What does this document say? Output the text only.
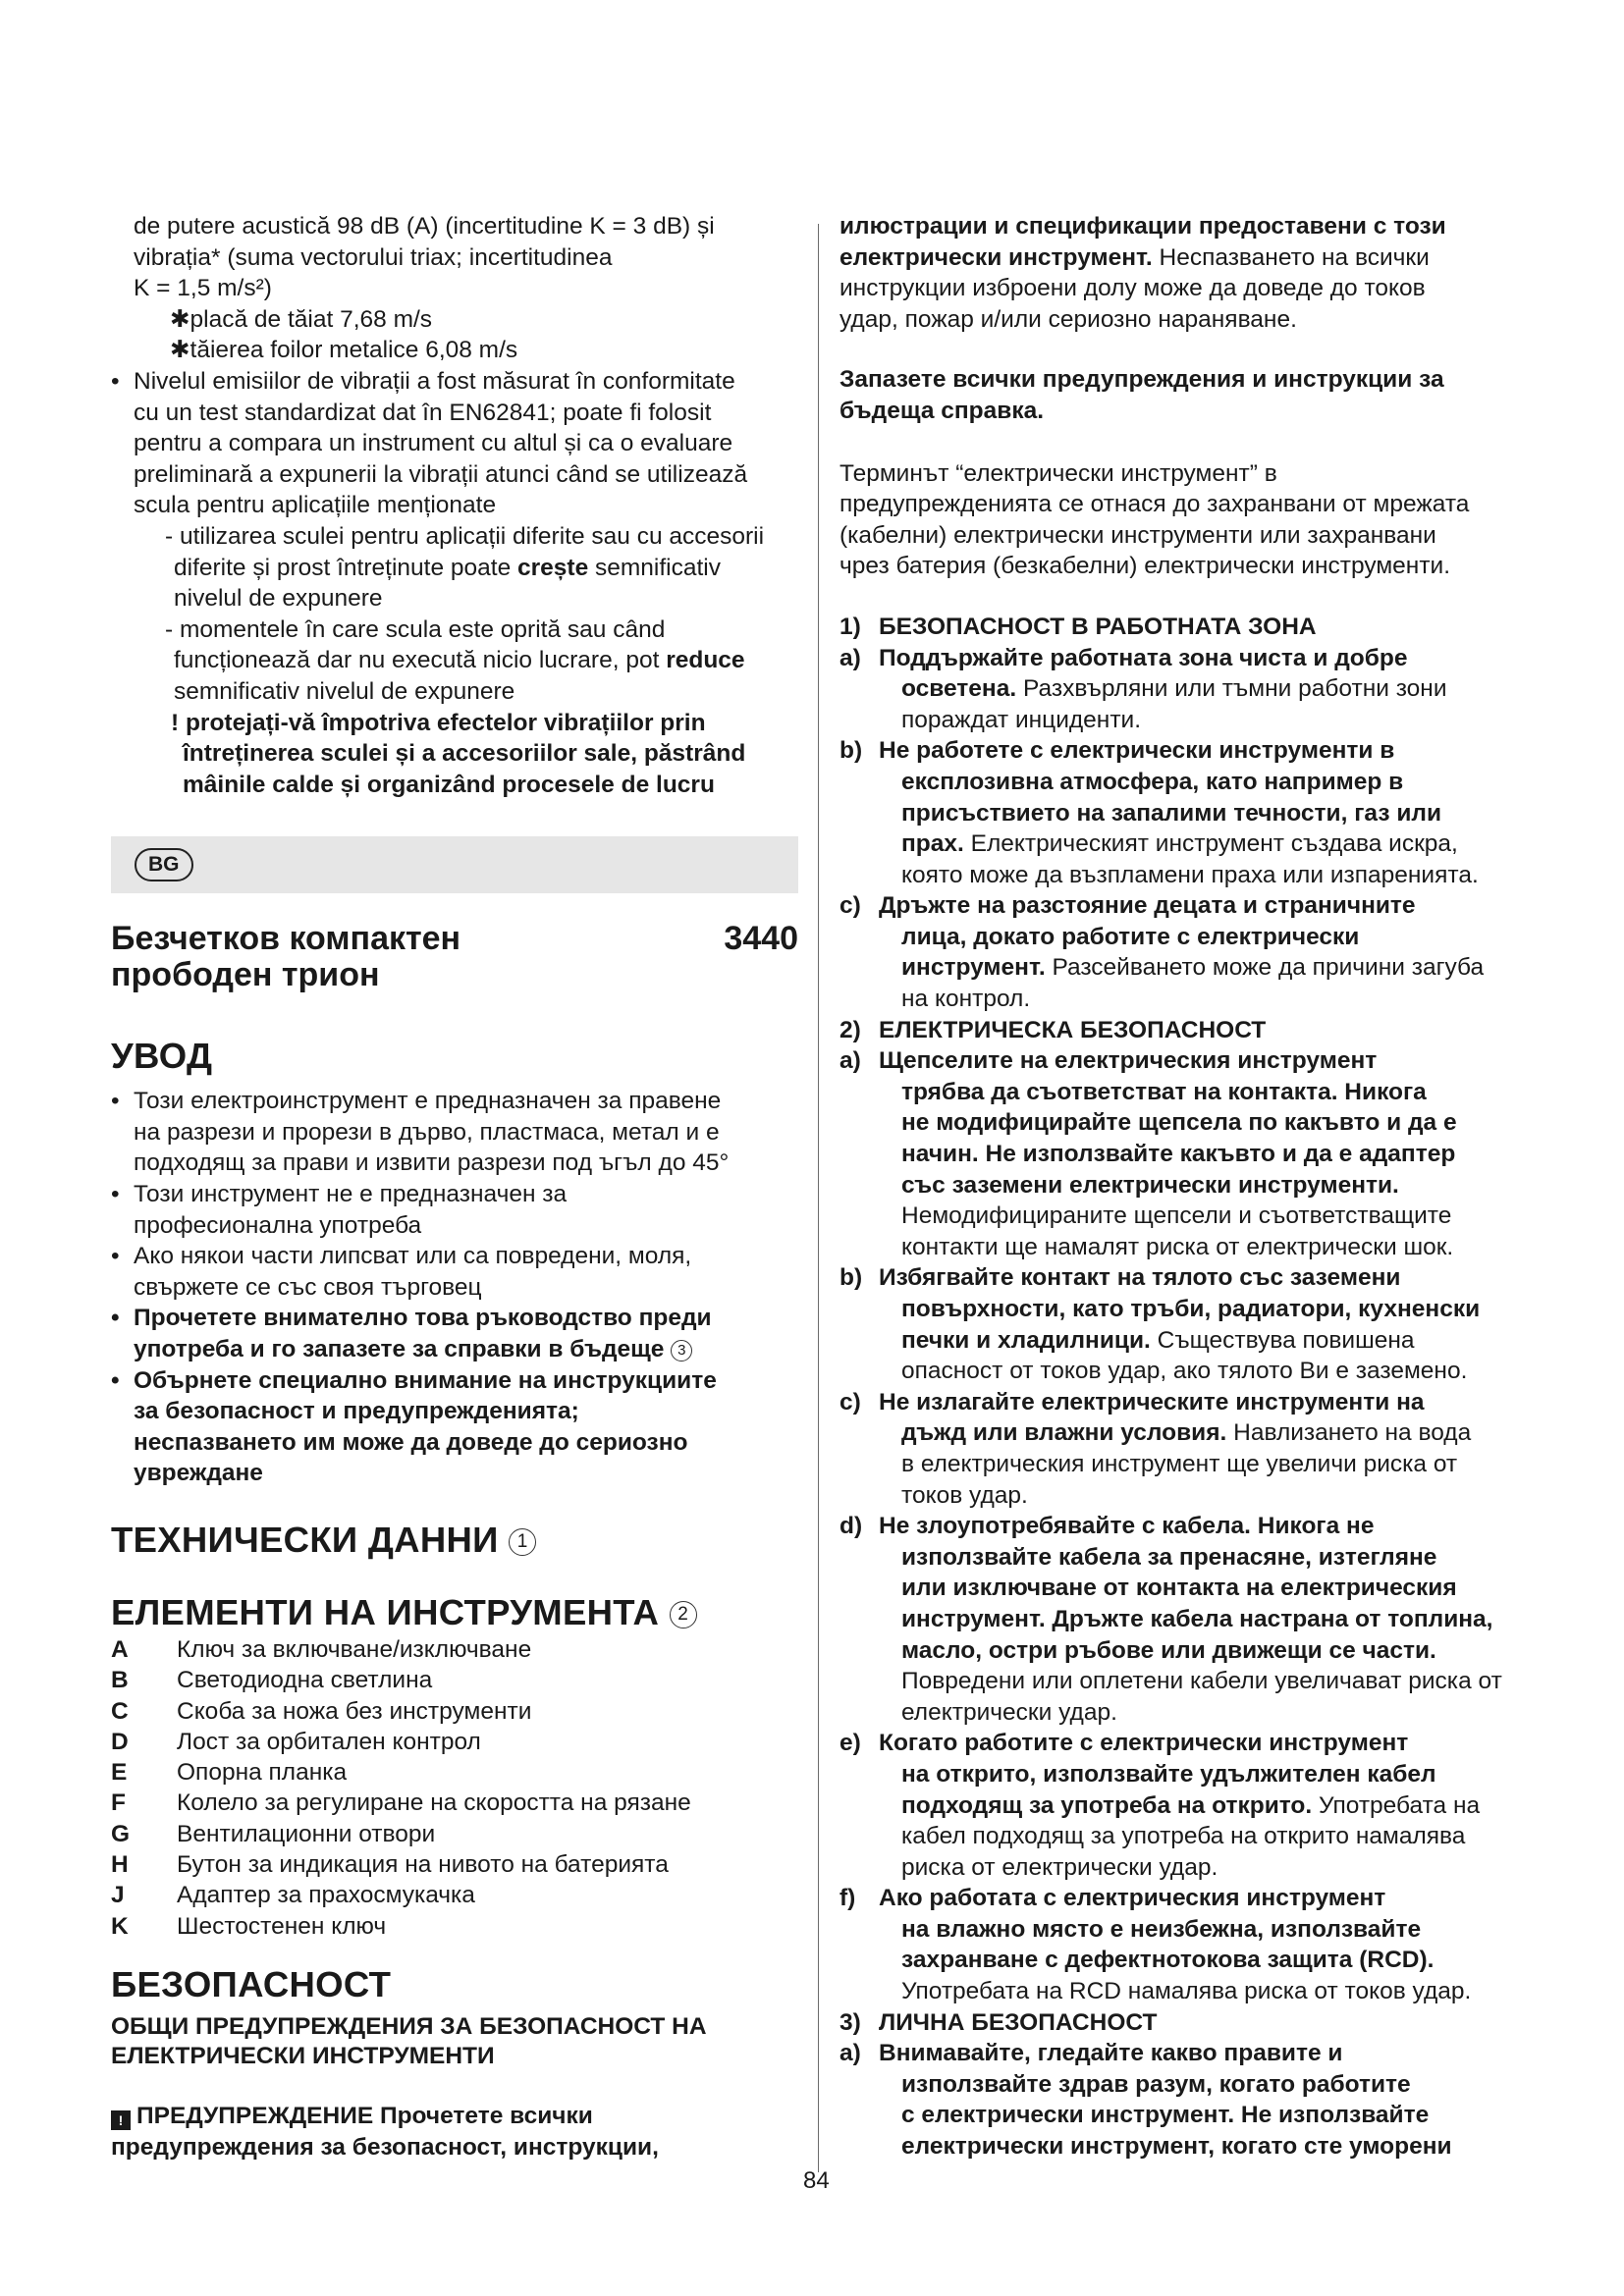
de putere acustică 98 dB (A) (incertitudine K = 3 dB) și

vibrația* (suma vectorului triax; incertitudinea

K = 1,5 m/s²)

✱placă de tăiat 7,68 m/s

✱tăierea foilor metalice 6,08 m/s

• Nivelul emisiilor de vibrații a fost măsurat în conformitate
cu un test standardizat dat în EN62841; poate fi folosit
pentru a compara un instrument cu altul și ca o evaluare
preliminară a expunerii la vibrații atunci când se utilizează
scula pentru aplicațiile menționate
- utilizarea sculei pentru aplicații diferite sau cu accesorii
diferite și prost întreținute poate crește semnificativ
nivelul de expunere
- momentele în care scula este oprită sau când
funcționează dar nu execută nicio lucrare, pot reduce
semnificativ nivelul de expunere
! protejați-vă împotriva efectelor vibrațiilor prin
întreținerea sculei și a accesoriilor sale, păstrând
mâinile calde și organizând procesele de lucru
BG
Безчетков компактен
прободен трион
3440
УВОД
• Този електроинструмент е предназначен за правене
на разрези и прорези в дърво, пластмаса, метал и е
подходящ за прави и извити разрези под ъгъл до 45°
• Този инструмент не е предназначен за
професионална употреба
• Ако някои части липсват или са повредени, моля,
свържете се със своя търговец
• Прочетете внимателно това ръководство преди
употреба и го запазете за справки в бъдеще 3
• Обърнете специално внимание на инструкциите
за безопасност и предупрежденията;
неспазването им може да доведе до сериозно
увреждане
ТЕХНИЧЕСКИ ДАННИ 1
ЕЛЕМЕНТИ НА ИНСТРУМЕНТА 2
A	Ключ за включване/изключване
B	Светодиодна светлина
C	Скоба за ножа без инструменти
D	Лост за орбитален контрол
E	Опорна планка
F	Колело за регулиране на скоростта на рязане
G	Вентилационни отвори
H	Бутон за индикация на нивото на батерията
J	Адаптер за прахосмукачка
K	Шестостенен ключ
БЕЗОПАСНОСТ
ОБЩИ ПРЕДУПРЕЖДЕНИЯ ЗА БЕЗОПАСНОСТ НА
ЕЛЕКТРИЧЕСКИ ИНСТРУМЕНТИ
! ПРЕДУПРЕЖДЕНИЕ Прочетете всички
предупреждения за безопасност, инструкции,
илюстрации и спецификации предоставени с този
електрически инструмент. Неспазването на всички
инструкции изброени долу може да доведе до токов
удар, пожар и/или сериозно нараняване.
Запазете всички предупреждения и инструкции за
бъдеща справка.
Терминът “електрически инструмент” в
предупрежденията се отнася до захранвани от мрежата
(кабелни) електрически инструменти или захранвани
чрез батерия (безкабелни) електрически инструменти.
1) БЕЗОПАСНОСТ В РАБОТНАТА ЗОНА
a) Поддържайте работната зона чиста и добре
осветена. Разхвърляни или тъмни работни зони
пораждат инциденти.
b) Не работете с електрически инструменти в
експлозивна атмосфера, като например в
присъствието на запалими течности, газ или
прах. Електрическият инструмент създава искра,
която може да възпламени праха или изпаренията.
c) Дръжте на разстояние децата и страничните
лица, докато работите с електрически
инструмент. Разсейването може да причини загуба
на контрол.
2) ЕЛЕКТРИЧЕСКА БЕЗОПАСНОСТ
a) Щепселите на електрическия инструмент
трябва да съответстват на контакта. Никога
не модифицирайте щепсела по какъвто и да е
начин. Не използвайте какъвто и да е адаптер
със заземени електрически инструменти.
Немодифицираните щепсели и съответстващите
контакти ще намалят риска от електрически шок.
b) Избягвайте контакт на тялото със заземени
повърхности, като тръби, радиатори, кухненски
печки и хладилници. Съществува повишена
опасност от токов удар, ако тялото Ви е заземено.
c) Не излагайте електрическите инструменти на
дъжд или влажни условия. Навлизането на вода
в електрическия инструмент ще увеличи риска от
токов удар.
d) Не злоупотребявайте с кабела. Никога не
използвайте кабела за пренасяне, изтегляне
или изключване от контакта на електрическия
инструмент. Дръжте кабела настрана от топлина,
масло, остри ръбове или движещи се части.
Повредени или оплетени кабели увеличават риска от
електрически удар.
e) Когато работите с електрически инструмент
на открито, използвайте удължителен кабел
подходящ за употреба на открито. Употребата на
кабел подходящ за употреба на открито намалява
риска от електрически удар.
f) Ако работата с електрическия инструмент
на влажно място е неизбежна, използвайте
захранване с дефектнотокова защита (RCD).
Употребата на RCD намалява риска от токов удар.
3) ЛИЧНА БЕЗОПАСНОСТ
a) Внимавайте, гледайте какво правите и
използвайте здрав разум, когато работите
с електрически инструмент. Не използвайте
електрически инструмент, когато сте уморени
84
